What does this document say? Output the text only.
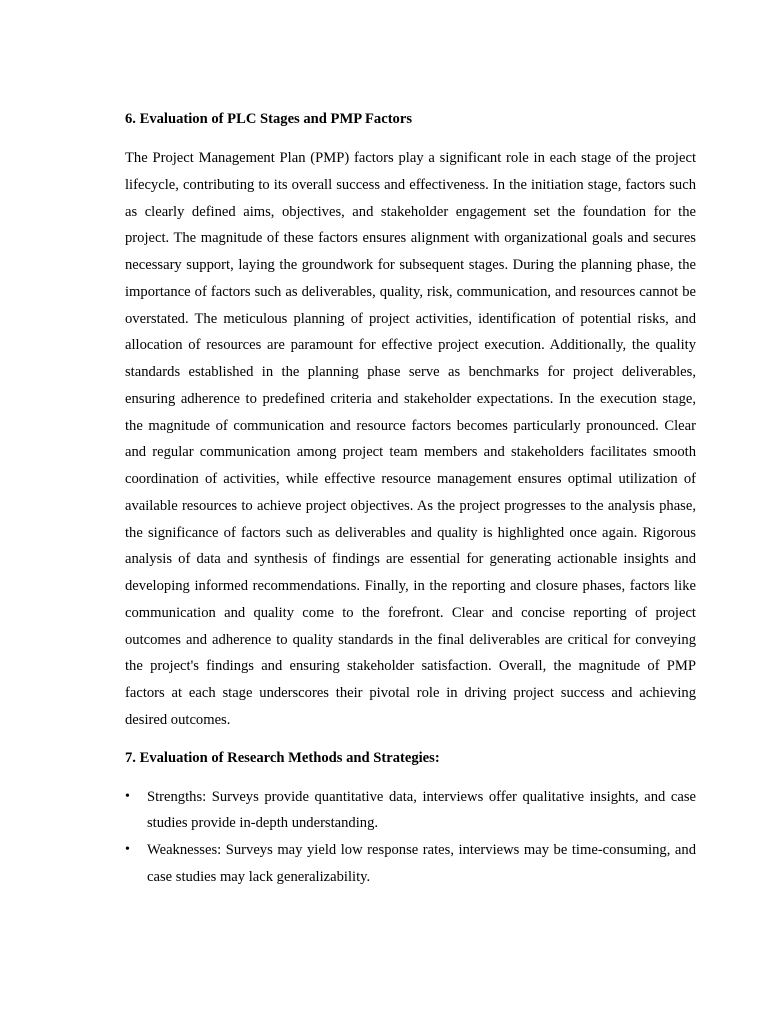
6. Evaluation of PLC Stages and PMP Factors

The Project Management Plan (PMP) factors play a significant role in each stage of the project lifecycle, contributing to its overall success and effectiveness. In the initiation stage, factors such as clearly defined aims, objectives, and stakeholder engagement set the foundation for the project. The magnitude of these factors ensures alignment with organizational goals and secures necessary support, laying the groundwork for subsequent stages. During the planning phase, the importance of factors such as deliverables, quality, risk, communication, and resources cannot be overstated. The meticulous planning of project activities, identification of potential risks, and allocation of resources are paramount for effective project execution. Additionally, the quality standards established in the planning phase serve as benchmarks for project deliverables, ensuring adherence to predefined criteria and stakeholder expectations. In the execution stage, the magnitude of communication and resource factors becomes particularly pronounced. Clear and regular communication among project team members and stakeholders facilitates smooth coordination of activities, while effective resource management ensures optimal utilization of available resources to achieve project objectives. As the project progresses to the analysis phase, the significance of factors such as deliverables and quality is highlighted once again. Rigorous analysis of data and synthesis of findings are essential for generating actionable insights and developing informed recommendations. Finally, in the reporting and closure phases, factors like communication and quality come to the forefront. Clear and concise reporting of project outcomes and adherence to quality standards in the final deliverables are critical for conveying the project's findings and ensuring stakeholder satisfaction. Overall, the magnitude of PMP factors at each stage underscores their pivotal role in driving project success and achieving desired outcomes.

7. Evaluation of Research Methods and Strategies:
• Strengths: Surveys provide quantitative data, interviews offer qualitative insights, and case studies provide in-depth understanding.
• Weaknesses: Surveys may yield low response rates, interviews may be time-consuming, and case studies may lack generalizability.
